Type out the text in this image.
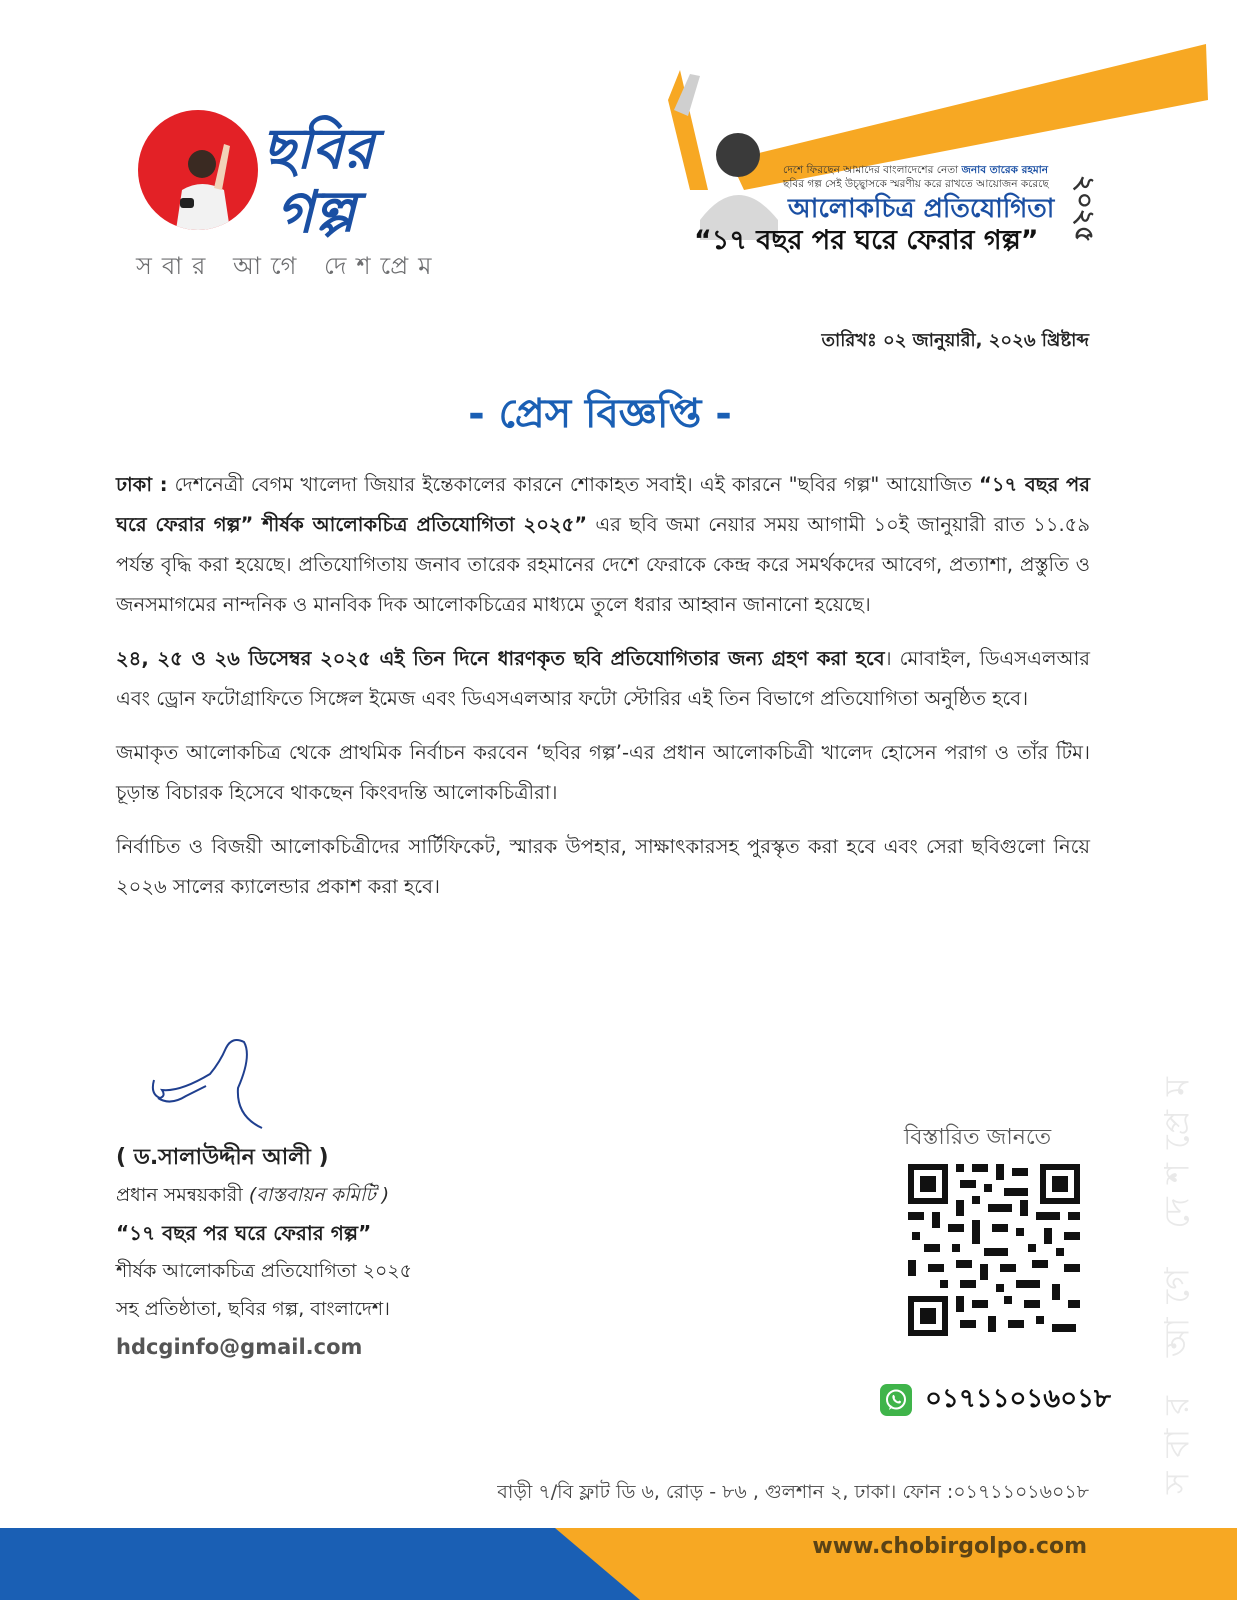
ছবির
গল্প
সবার আগে দেশপ্রেম
দেশে ফিরছেন আমাদের বাংলাদেশের নেতা জনাব তারেক রহমান
ছবির গল্প সেই উচ্ছ্বাসকে স্মরণীয় করে রাখতে আয়োজন করেছে
আলোকচিত্র প্রতিযোগিতা
“১৭ বছর পর ঘরে ফেরার গল্প” ২০২৫
তারিখঃ ০২ জানুয়ারী, ২০২৬ খ্রিষ্টাব্দ
- প্রেস বিজ্ঞপ্তি -

ঢাকা : দেশনেত্রী বেগম খালেদা জিয়ার ইন্তেকালের কারনে শোকাহত সবাই। এই কারনে "ছবির গল্প" আয়োজিত “১৭ বছর পর ঘরে ফেরার গল্প” শীর্ষক আলোকচিত্র প্রতিযোগিতা ২০২৫” এর ছবি জমা নেয়ার সময় আগামী ১০ই জানুয়ারী রাত ১১.৫৯ পর্যন্ত বৃদ্ধি করা হয়েছে। প্রতিযোগিতায় জনাব তারেক রহমানের দেশে ফেরাকে কেন্দ্র করে সমর্থকদের আবেগ, প্রত্যাশা, প্রস্তুতি ও জনসমাগমের নান্দনিক ও মানবিক দিক আলোকচিত্রের মাধ্যমে তুলে ধরার আহ্বান জানানো হয়েছে।

২৪, ২৫ ও ২৬ ডিসেম্বর ২০২৫ এই তিন দিনে ধারণকৃত ছবি প্রতিযোগিতার জন্য গ্রহণ করা হবে। মোবাইল, ডিএসএলআর এবং ড্রোন ফটোগ্রাফিতে সিঙ্গেল ইমেজ এবং ডিএসএলআর ফটো স্টোরির এই তিন বিভাগে প্রতিযোগিতা অনুষ্ঠিত হবে।

জমাকৃত আলোকচিত্র থেকে প্রাথমিক নির্বাচন করবেন ‘ছবির গল্প’-এর প্রধান আলোকচিত্রী খালেদ হোসেন পরাগ ও তাঁর টিম। চূড়ান্ত বিচারক হিসেবে থাকছেন কিংবদন্তি আলোকচিত্রীরা।

নির্বাচিত ও বিজয়ী আলোকচিত্রীদের সার্টিফিকেট, স্মারক উপহার, সাক্ষাৎকারসহ পুরস্কৃত করা হবে এবং সেরা ছবিগুলো নিয়ে ২০২৬ সালের ক্যালেন্ডার প্রকাশ করা হবে।

( ড.সালাউদ্দীন আলী )
প্রধান সমন্বয়কারী (বাস্তবায়ন কমিটি )
“১৭ বছর পর ঘরে ফেরার গল্প”
শীর্ষক আলোকচিত্র প্রতিযোগিতা ২০২৫
সহ প্রতিষ্ঠাতা, ছবির গল্প, বাংলাদেশ।
hdcginfo@gmail.com
বিস্তারিত জানতে
০১৭১১০১৬০১৮
বাড়ী ৭/বি ফ্লাট ডি ৬, রোড় - ৮৬ , গুলশান ২, ঢাকা। ফোন :০১৭১১০১৬০১৮ সবার আগে দেশপ্রেম
www.chobirgolpo.com
